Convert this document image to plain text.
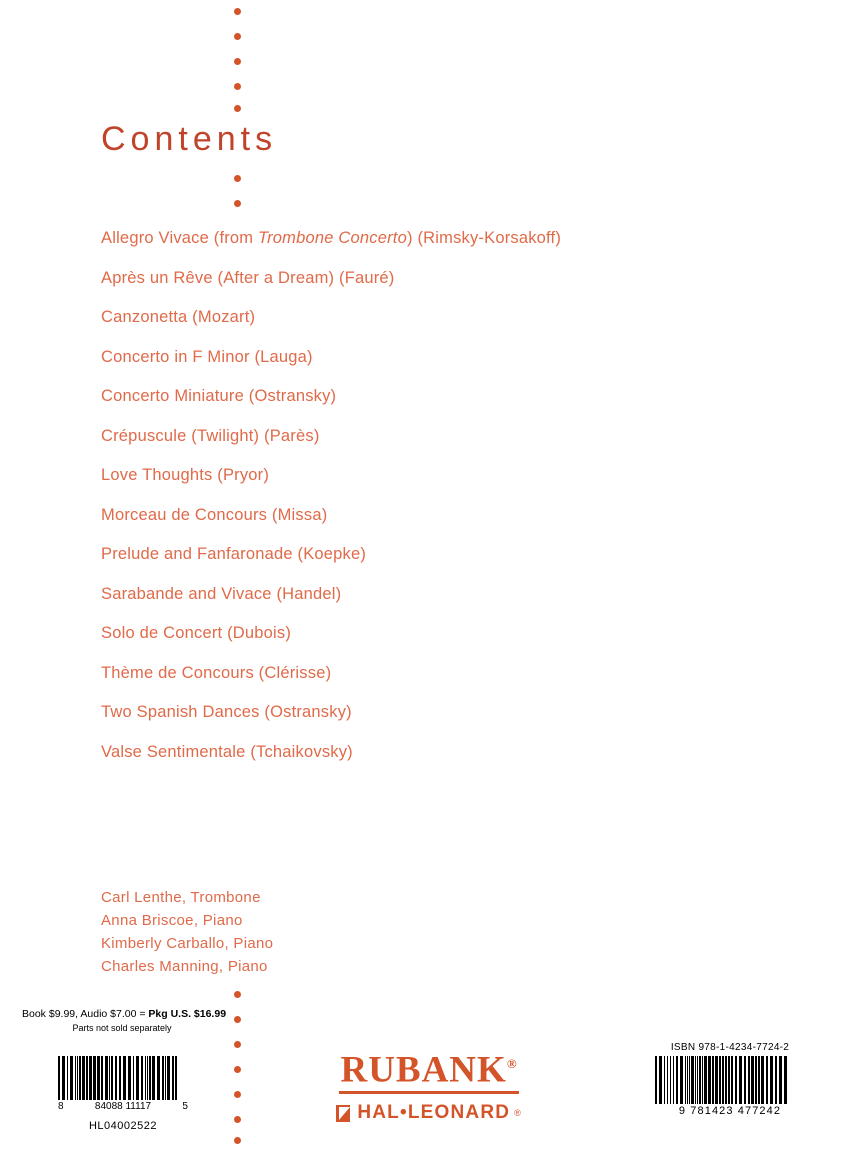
Contents
Allegro Vivace (from Trombone Concerto) (Rimsky-Korsakoff)
Après un Rêve (After a Dream) (Fauré)
Canzonetta (Mozart)
Concerto in F Minor (Lauga)
Concerto Miniature (Ostransky)
Crépuscule (Twilight) (Parès)
Love Thoughts (Pryor)
Morceau de Concours (Missa)
Prelude and Fanfaronade (Koepke)
Sarabande and Vivace (Handel)
Solo de Concert (Dubois)
Thème de Concours (Clérisse)
Two Spanish Dances (Ostransky)
Valse Sentimentale (Tchaikovsky)
Carl Lenthe, Trombone
Anna Briscoe, Piano
Kimberly Carballo, Piano
Charles Manning, Piano
Book $9.99, Audio $7.00 = Pkg U.S. $16.99
Parts not sold separately
8	84088 11117	5
HL04002522
ISBN 978-1-4234-7724-2
9 781423 477242
RUBANK®
HAL•LEONARD ®
